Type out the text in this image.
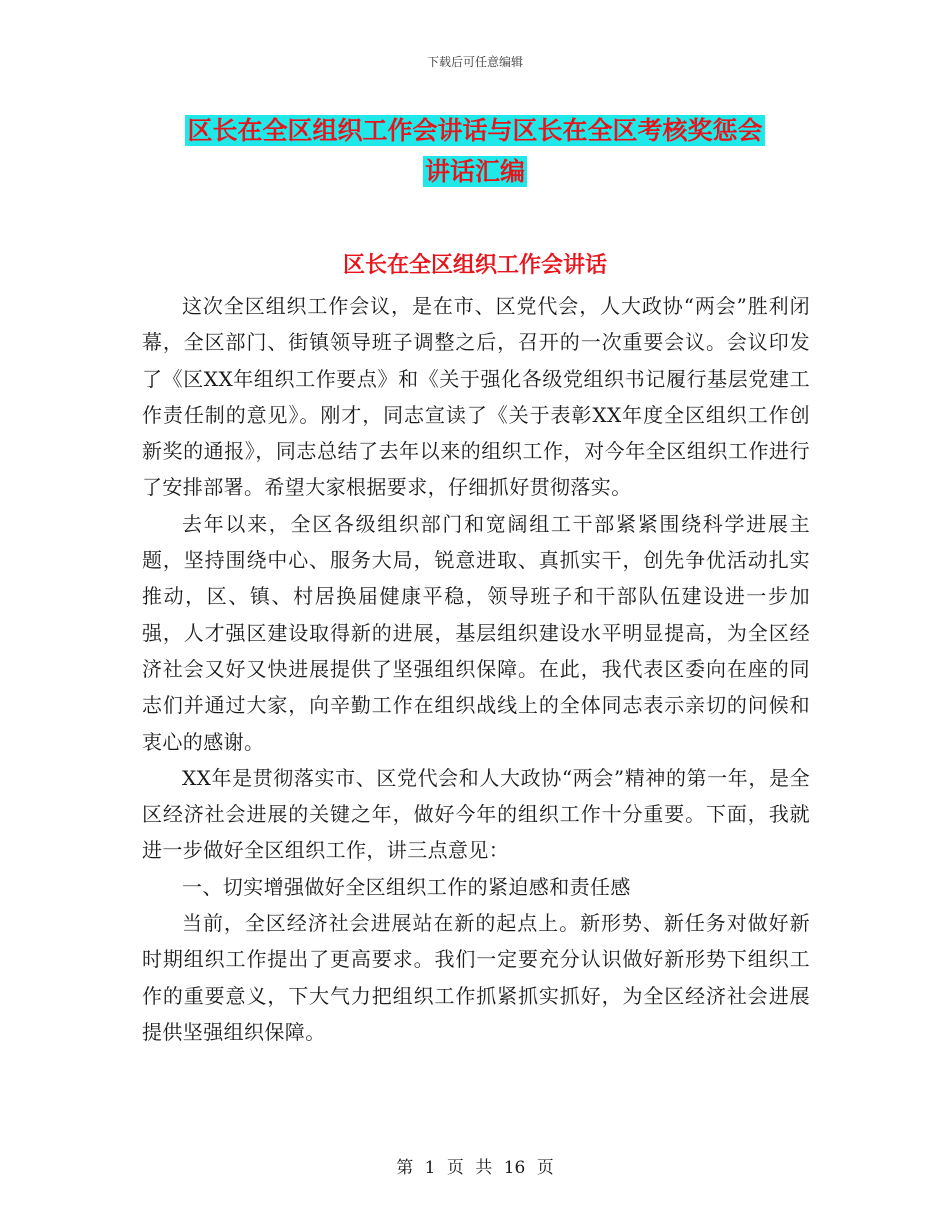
下载后可任意编辑
区长在全区组织工作会讲话与区长在全区考核奖惩会
讲话汇编
区长在全区组织工作会讲话

这次全区组织工作会议，是在市、区党代会，人大政协“两会”胜利闭幕，全区部门、街镇领导班子调整之后，召开的一次重要会议。会议印发了《区XX年组织工作要点》和《关于强化各级党组织书记履行基层党建工作责任制的意见》。刚才，同志宣读了《关于表彰XX年度全区组织工作创新奖的通报》，同志总结了去年以来的组织工作，对今年全区组织工作进行了安排部署。希望大家根据要求，仔细抓好贯彻落实。

去年以来，全区各级组织部门和宽阔组工干部紧紧围绕科学进展主题，坚持围绕中心、服务大局，锐意进取、真抓实干，创先争优活动扎实推动，区、镇、村居换届健康平稳，领导班子和干部队伍建设进一步加强，人才强区建设取得新的进展，基层组织建设水平明显提高，为全区经济社会又好又快进展提供了坚强组织保障。在此，我代表区委向在座的同志们并通过大家，向辛勤工作在组织战线上的全体同志表示亲切的问候和衷心的感谢。

XX年是贯彻落实市、区党代会和人大政协“两会”精神的第一年，是全区经济社会进展的关键之年，做好今年的组织工作十分重要。下面，我就进一步做好全区组织工作，讲三点意见：

一、切实增强做好全区组织工作的紧迫感和责任感

当前，全区经济社会进展站在新的起点上。新形势、新任务对做好新时期组织工作提出了更高要求。我们一定要充分认识做好新形势下组织工作的重要意义，下大气力把组织工作抓紧抓实抓好，为全区经济社会进展提供坚强组织保障。

第 1 页 共 16 页
